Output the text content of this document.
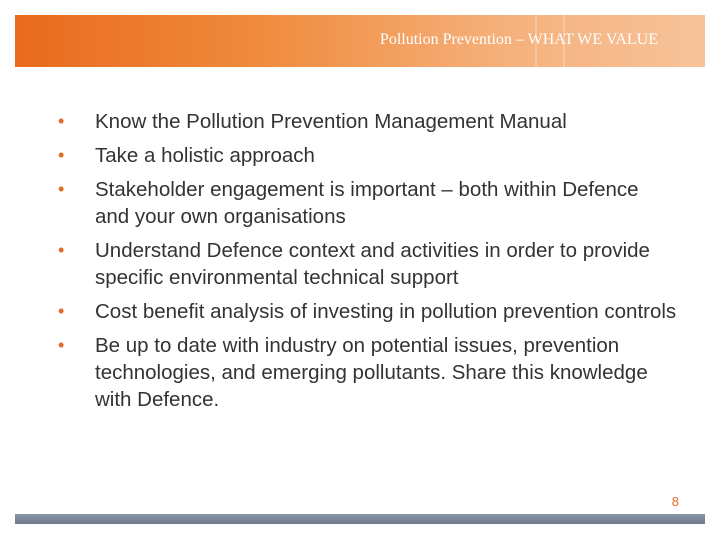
Pollution Prevention – WHAT WE VALUE
• Know the Pollution Prevention Management Manual
• Take a holistic approach
• Stakeholder engagement is important – both within Defence and your own organisations
• Understand Defence context and activities in order to provide specific environmental technical support
• Cost benefit analysis of investing in pollution prevention controls
• Be up to date with industry on potential issues, prevention technologies, and emerging pollutants. Share this knowledge with Defence.
8
